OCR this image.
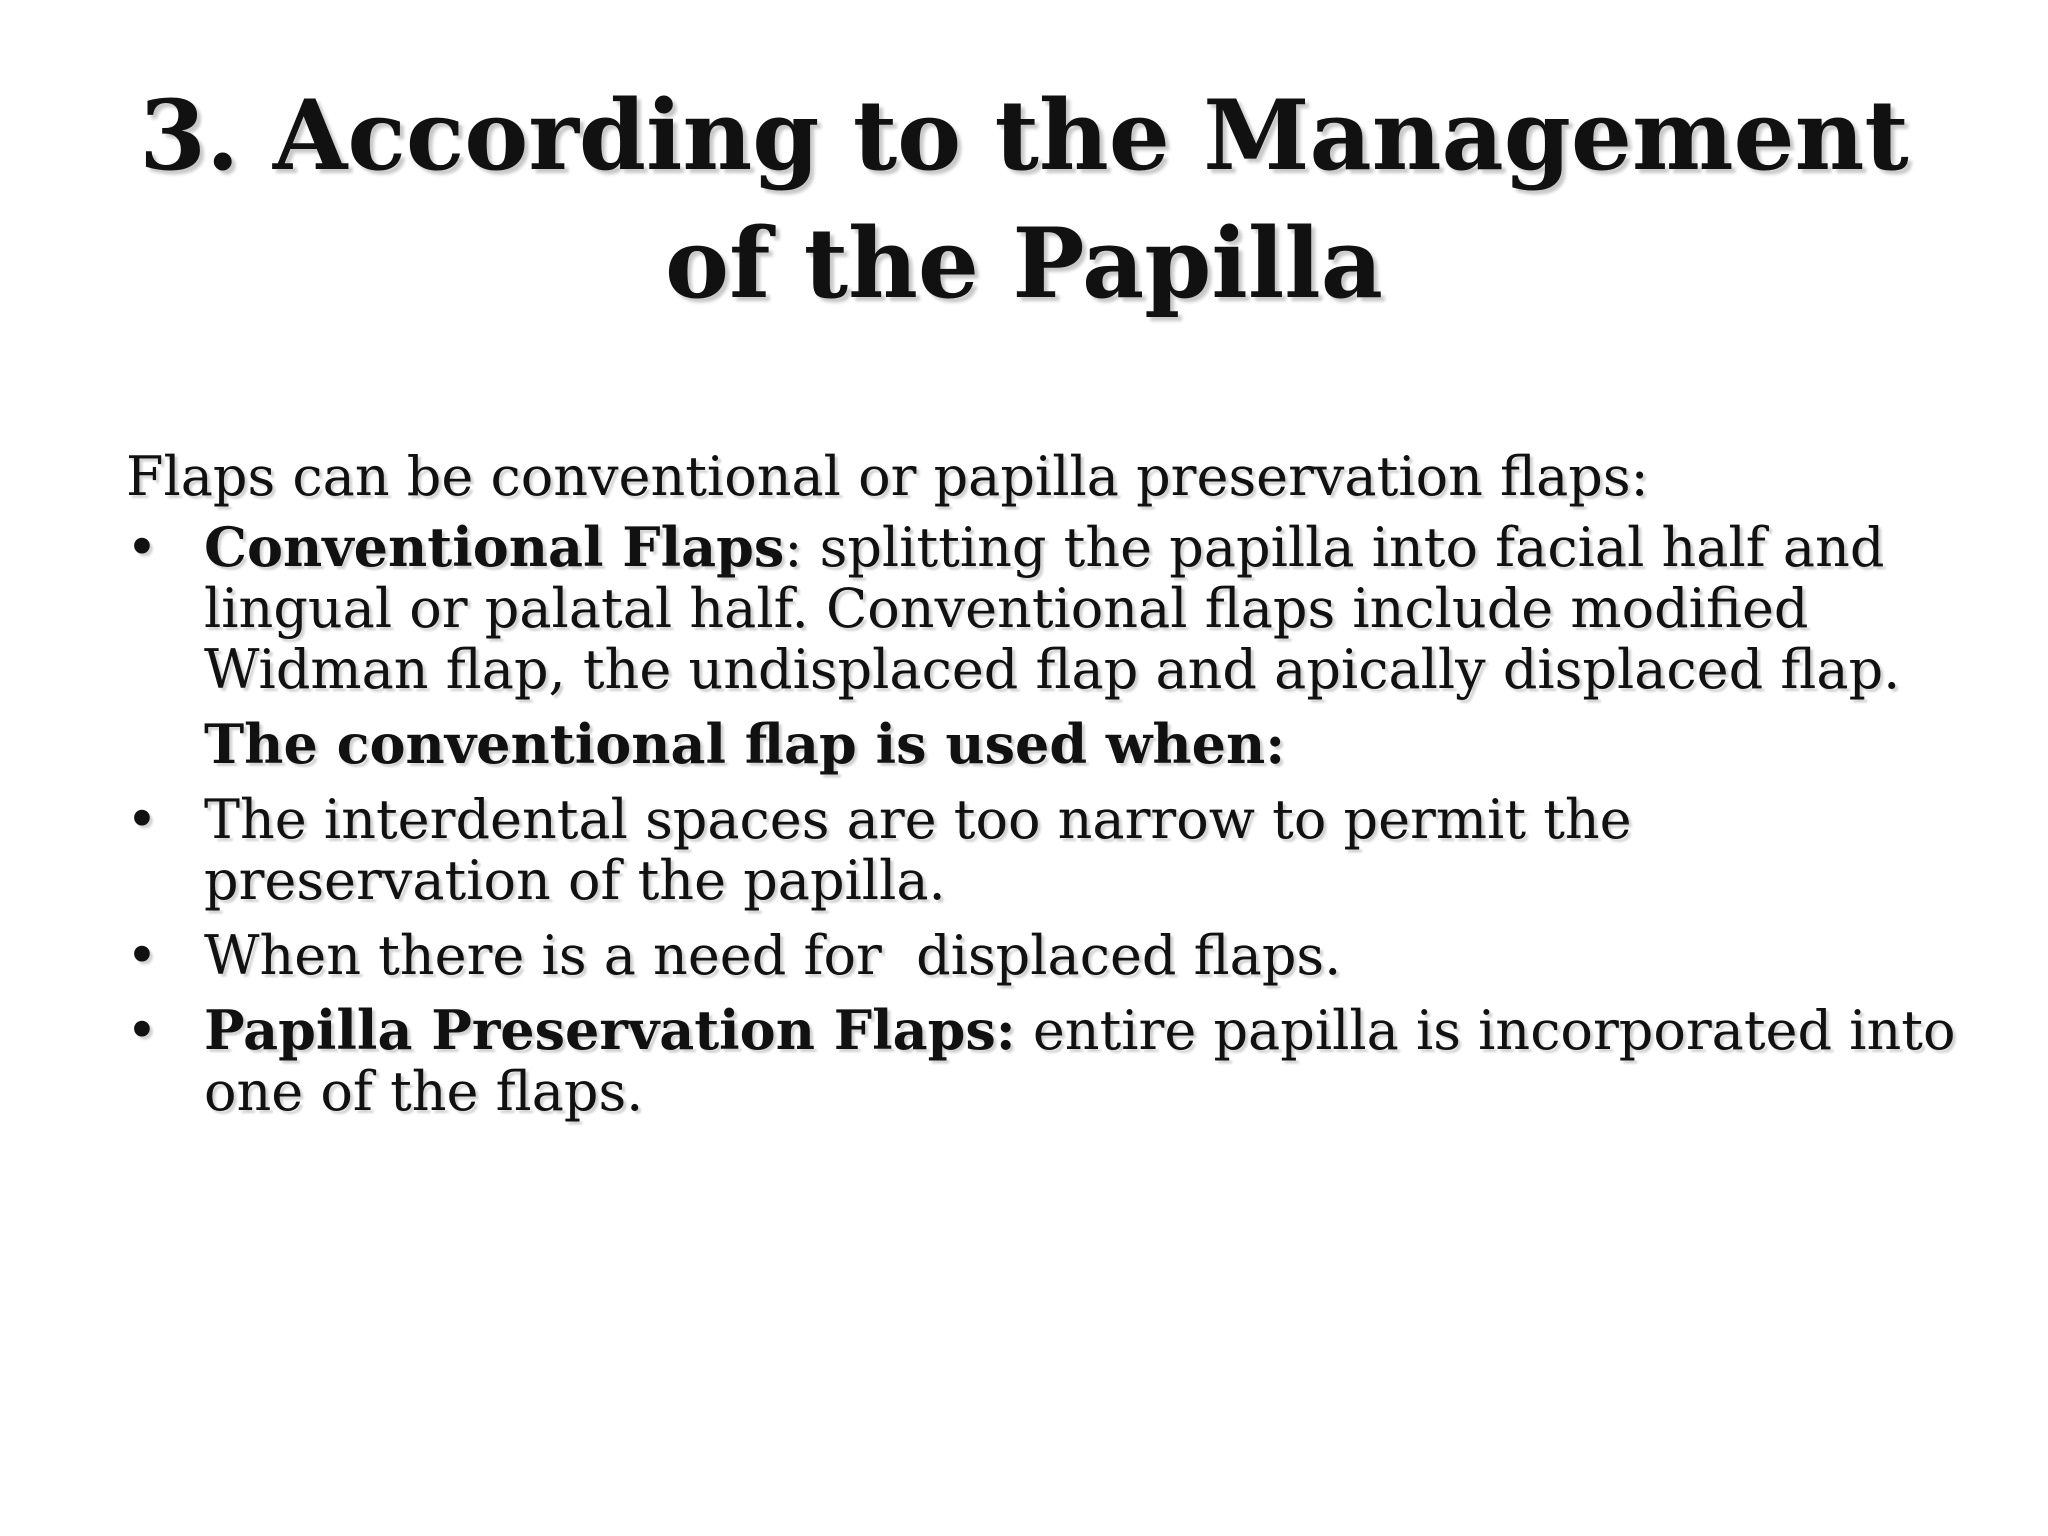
3. According to the Management of the Papilla

Flaps can be conventional or papilla preservation flaps:

• Conventional Flaps: splitting the papilla into facial half and lingual or palatal half. Conventional flaps include modified Widman flap, the undisplaced flap and apically displaced flap.
The conventional flap is used when:
• The interdental spaces are too narrow to permit the preservation of the papilla.
• When there is a need for  displaced flaps.
• Papilla Preservation Flaps: entire papilla is incorporated into one of the flaps.
